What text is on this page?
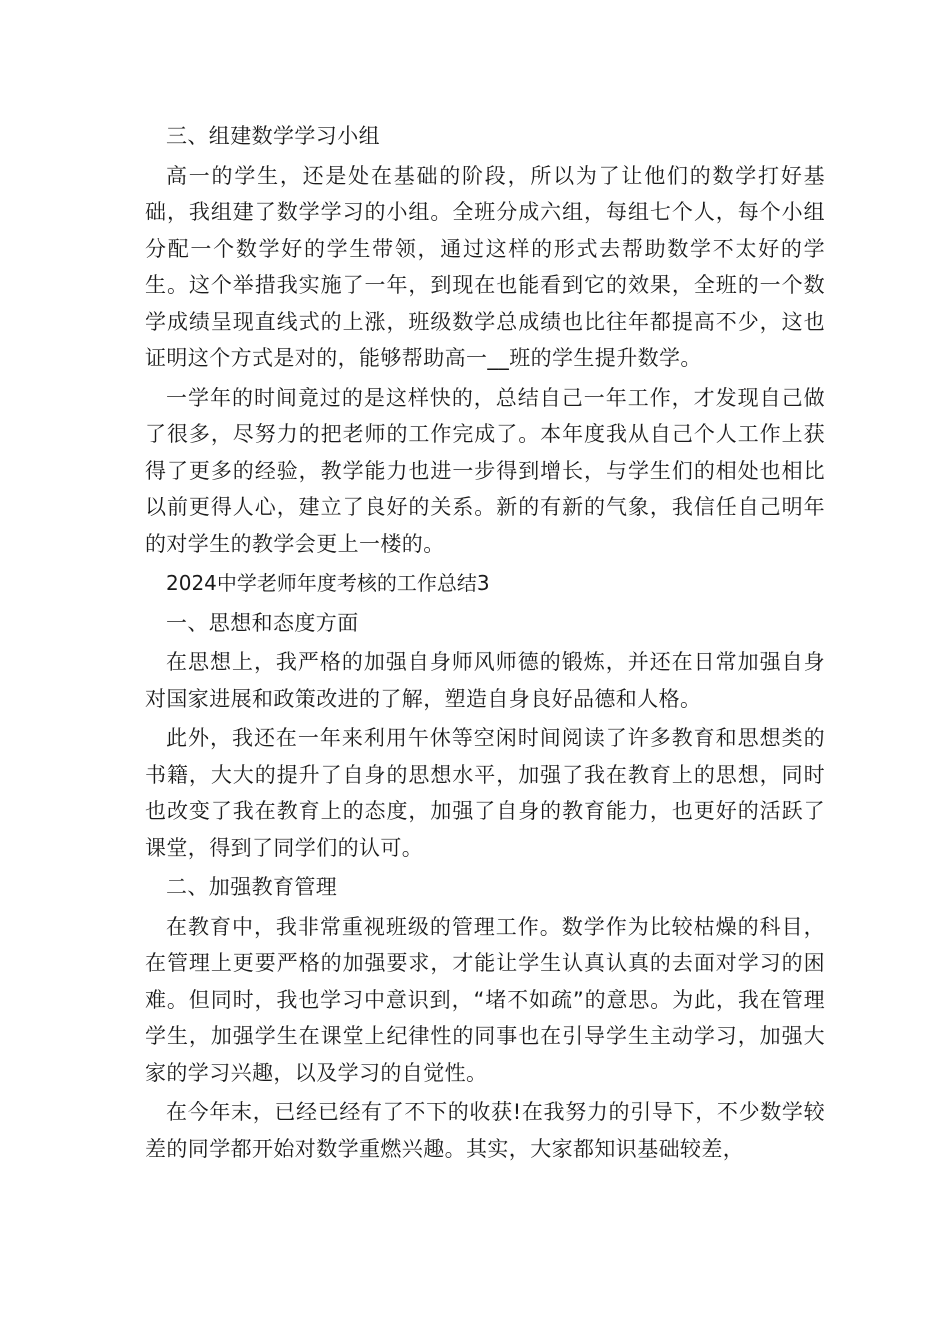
三、组建数学学习小组

高一的学生，还是处在基础的阶段，所以为了让他们的数学打好基础，我组建了数学学习的小组。全班分成六组，每组七个人，每个小组分配一个数学好的学生带领，通过这样的形式去帮助数学不太好的学生。这个举措我实施了一年，到现在也能看到它的效果，全班的一个数学成绩呈现直线式的上涨，班级数学总成绩也比往年都提高不少，这也证明这个方式是对的，能够帮助高一__班的学生提升数学。

一学年的时间竟过的是这样快的，总结自己一年工作，才发现自己做了很多，尽努力的把老师的工作完成了。本年度我从自己个人工作上获得了更多的经验，教学能力也进一步得到增长，与学生们的相处也相比以前更得人心，建立了良好的关系。新的有新的气象，我信任自己明年的对学生的教学会更上一楼的。

2024中学老师年度考核的工作总结3

一、思想和态度方面

在思想上，我严格的加强自身师风师德的锻炼，并还在日常加强自身对国家进展和政策改进的了解，塑造自身良好品德和人格。

此外，我还在一年来利用午休等空闲时间阅读了许多教育和思想类的书籍，大大的提升了自身的思想水平，加强了我在教育上的思想，同时也改变了我在教育上的态度，加强了自身的教育能力，也更好的活跃了课堂，得到了同学们的认可。

二、加强教育管理

在教育中，我非常重视班级的管理工作。数学作为比较枯燥的科目，在管理上更要严格的加强要求，才能让学生认真认真的去面对学习的困难。但同时，我也学习中意识到，“堵不如疏”的意思。为此，我在管理学生，加强学生在课堂上纪律性的同事也在引导学生主动学习，加强大家的学习兴趣，以及学习的自觉性。

在今年末，已经已经有了不下的收获!在我努力的引导下，不少数学较差的同学都开始对数学重燃兴趣。其实，大家都知识基础较差，
